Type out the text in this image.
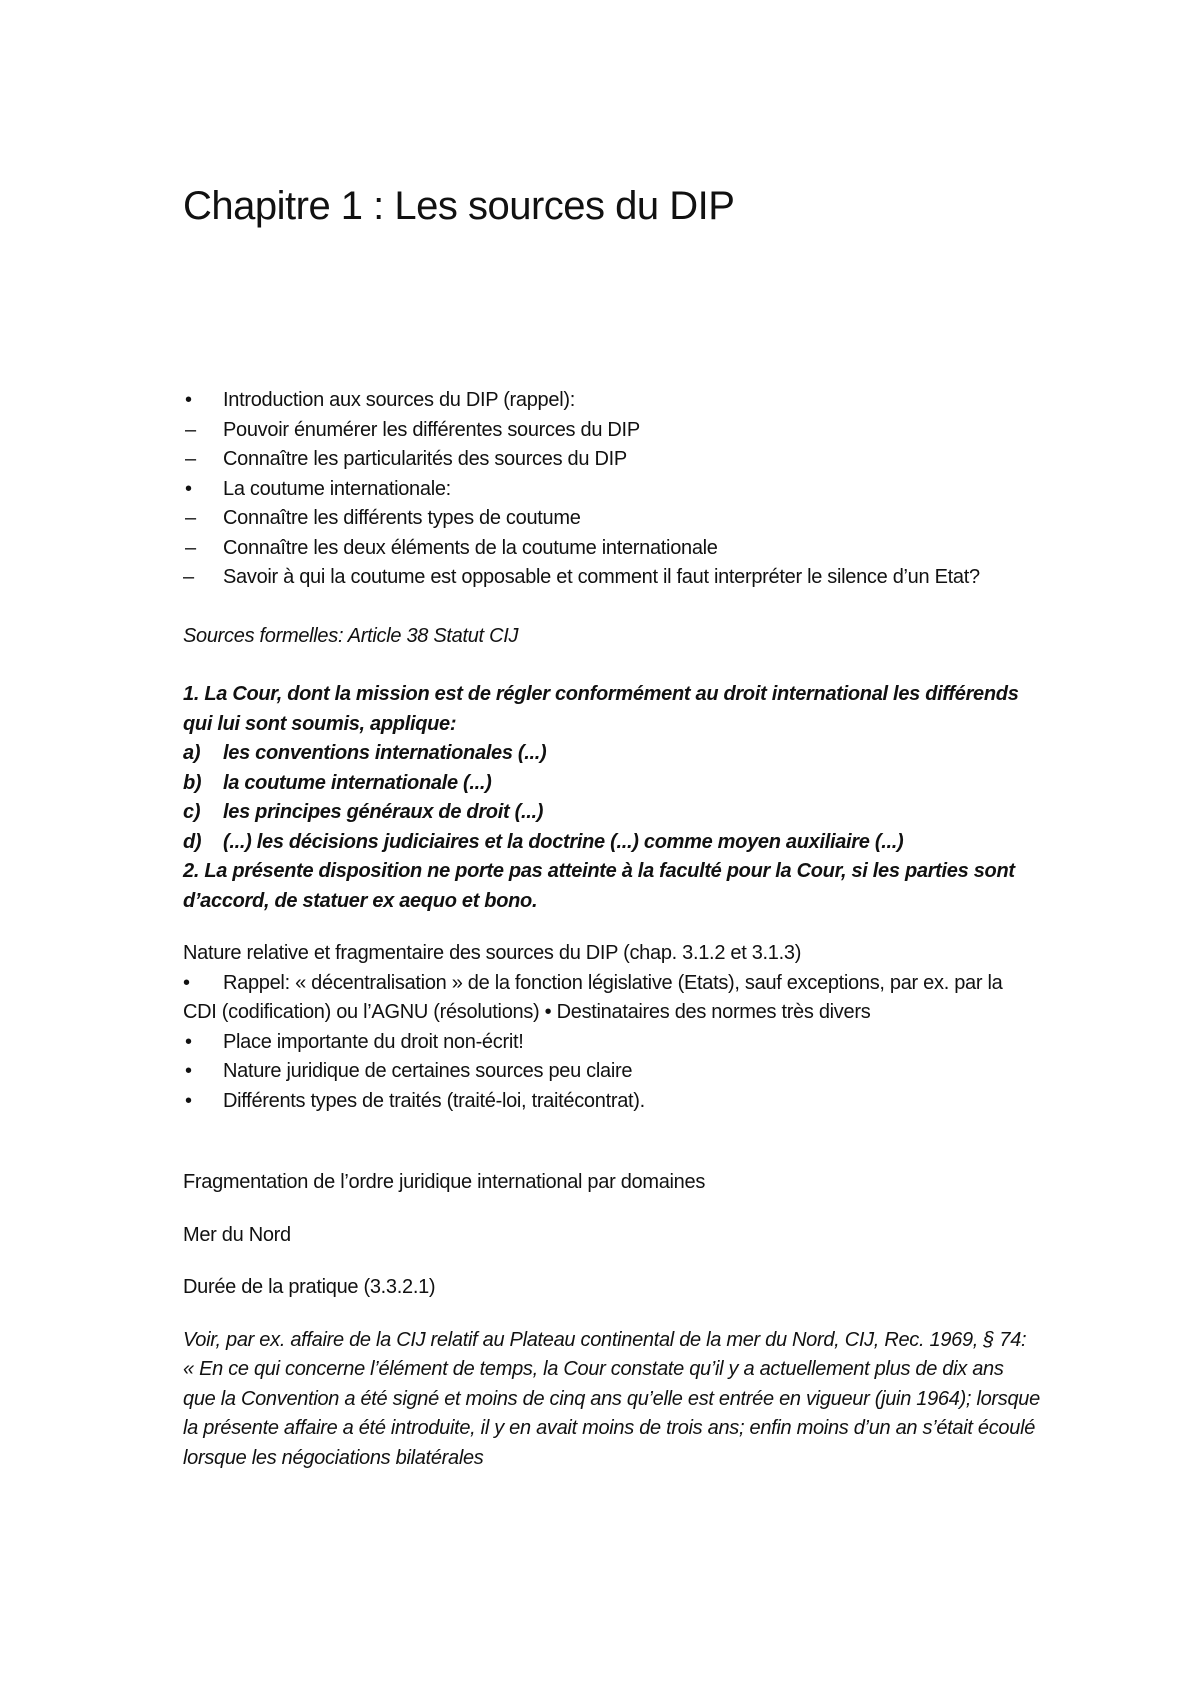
Chapitre 1 : Les sources du DIP
• Introduction aux sources du DIP (rappel):
– Pouvoir énumérer les différentes sources du DIP
– Connaître les particularités des sources du DIP
• La coutume internationale:
– Connaître les différents types de coutume
– Connaître les deux éléments de la coutume internationale
– Savoir à qui la coutume est opposable et comment il faut interpréter le silence d’un Etat?

Sources formelles: Article 38 Statut CIJ

1. La Cour, dont la mission est de régler conformément au droit international les différends qui lui sont soumis, applique:

a) les conventions internationales (...)
b) la coutume internationale (...)
c) les principes généraux de droit (...)
d) (...) les décisions judiciaires et la doctrine (...) comme moyen auxiliaire (...)

2. La présente disposition ne porte pas atteinte à la faculté pour la Cour, si les parties sont d’accord, de statuer ex aequo et bono.

Nature relative et fragmentaire des sources du DIP (chap. 3.1.2 et 3.1.3)

• Rappel: « décentralisation » de la fonction législative (Etats), sauf exceptions, par ex. par la CDI (codification) ou l’AGNU (résolutions) • Destinataires des normes très divers
• Place importante du droit non-écrit!
• Nature juridique de certaines sources peu claire
• Différents types de traités (traité-loi, traitécontrat).

Fragmentation de l’ordre juridique international par domaines

Mer du Nord

Durée de la pratique (3.3.2.1)

Voir, par ex. affaire de la CIJ relatif au Plateau continental de la mer du Nord, CIJ, Rec. 1969, § 74:

« En ce qui concerne l’élément de temps, la Cour constate qu’il y a actuellement plus de dix ans que la Convention a été signé et moins de cinq ans qu’elle est entrée en vigueur (juin 1964); lorsque la présente affaire a été introduite, il y en avait moins de trois ans; enfin moins d’un an s’était écoulé lorsque les négociations bilatérales
